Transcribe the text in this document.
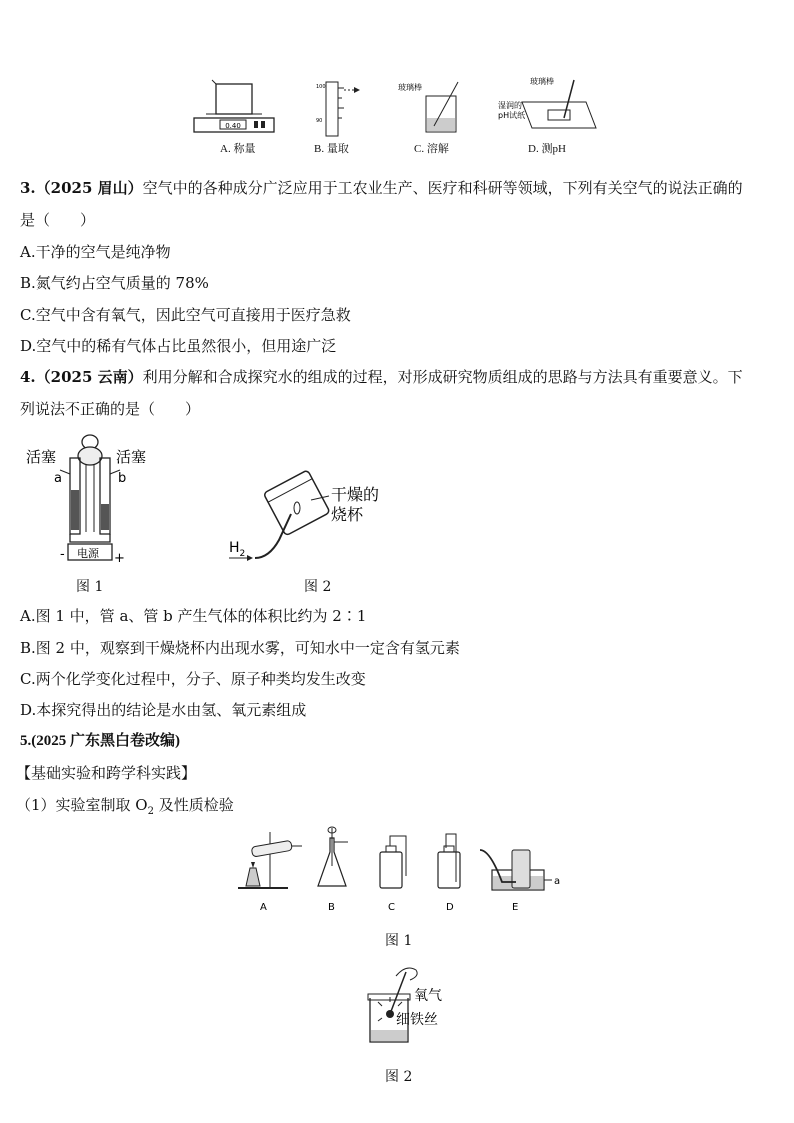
0.40
100
90
玻璃棒
玻璃棒
湿润的
pH试纸
A. 称量	B. 量取	C. 溶解	D. 测pH
3.（2025 眉山）空气中的各种成分广泛应用于工农业生产、医疗和科研等领域，下列有关空气的说法正确的
是（　　）
A.干净的空气是纯净物
B.氮气约占空气质量的 78%
C.空气中含有氧气，因此空气可直接用于医疗急救
D.空气中的稀有气体占比虽然很小，但用途广泛
4.（2025 云南）利用分解和合成探究水的组成的过程，对形成研究物质组成的思路与方法具有重要意义。下
列说法不正确的是（　　）
活塞	活塞
a	b
电源
-	+
图 1
$H_2$
干燥的
烧杯
图 2
A.图 1 中，管 a、管 b 产生气体的体积比约为 2∶1
B.图 2 中，观察到干燥烧杯内出现水雾，可知水中一定含有氢元素
C.两个化学变化过程中，分子、原子种类均发生改变
D.本探究得出的结论是水由氢、氧元素组成
5.(2025 广东黑白卷改编)
【基础实验和跨学科实践】
（1）实验室制取 $O_2$ 及性质检验
A	B	C	D
a
E
图 1
氧气
细铁丝
图 2
